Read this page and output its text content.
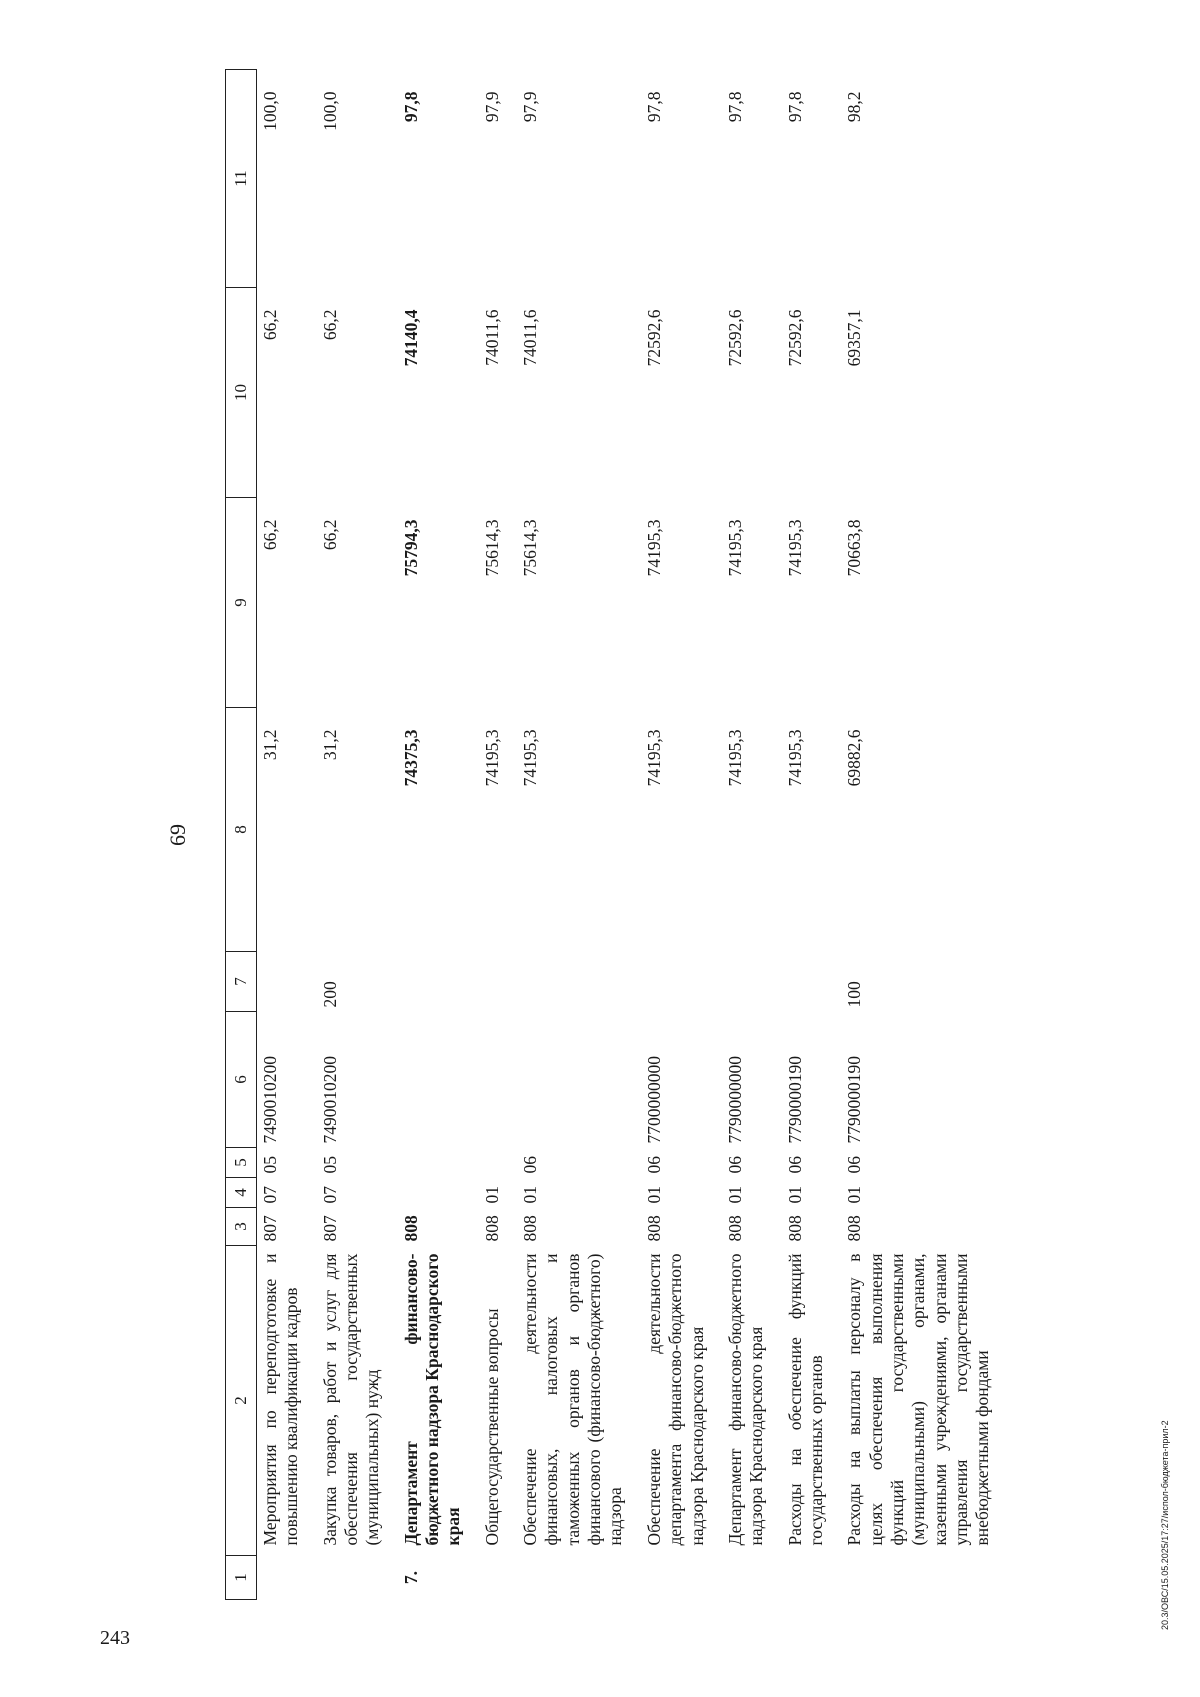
243
20.3/ОВС/15.05.2025/17:27/испол-бюджета-прил-2
69
1	2	3	4	5	6	7	8	9	10	11
	Мероприятия по переподготовке и повышению квалификации кадров	807	07	05	7490010200		31,2	66,2	66,2	100,0
	Закупка товаров, работ и услуг для обеспечения государственных (муниципальных) нужд	807	07	05	7490010200	200	31,2	66,2	66,2	100,0
7.	Департамент финансово-бюджетного надзора Краснодарского края	808					74375,3	75794,3	74140,4	97,8
	Общегосударственные вопросы	808	01				74195,3	75614,3	74011,6	97,9
	Обеспечение деятельности финансовых, налоговых и таможенных органов и органов финансового (финансово-бюджетного) надзора	808	01	06			74195,3	75614,3	74011,6	97,9
	Обеспечение деятельности департамента финансово-бюджетного надзора Краснодарского края	808	01	06	7700000000		74195,3	74195,3	72592,6	97,8
	Департамент финансово-бюджетного надзора Краснодарского края	808	01	06	7790000000		74195,3	74195,3	72592,6	97,8
	Расходы на обеспечение функций государственных органов	808	01	06	7790000190		74195,3	74195,3	72592,6	97,8
	Расходы на выплаты персоналу в целях обеспечения выполнения функций государственными (муниципальными) органами, казенными учреждениями, органами управления государственными внебюджетными фондами	808	01	06	7790000190	100	69882,6	70663,8	69357,1	98,2
